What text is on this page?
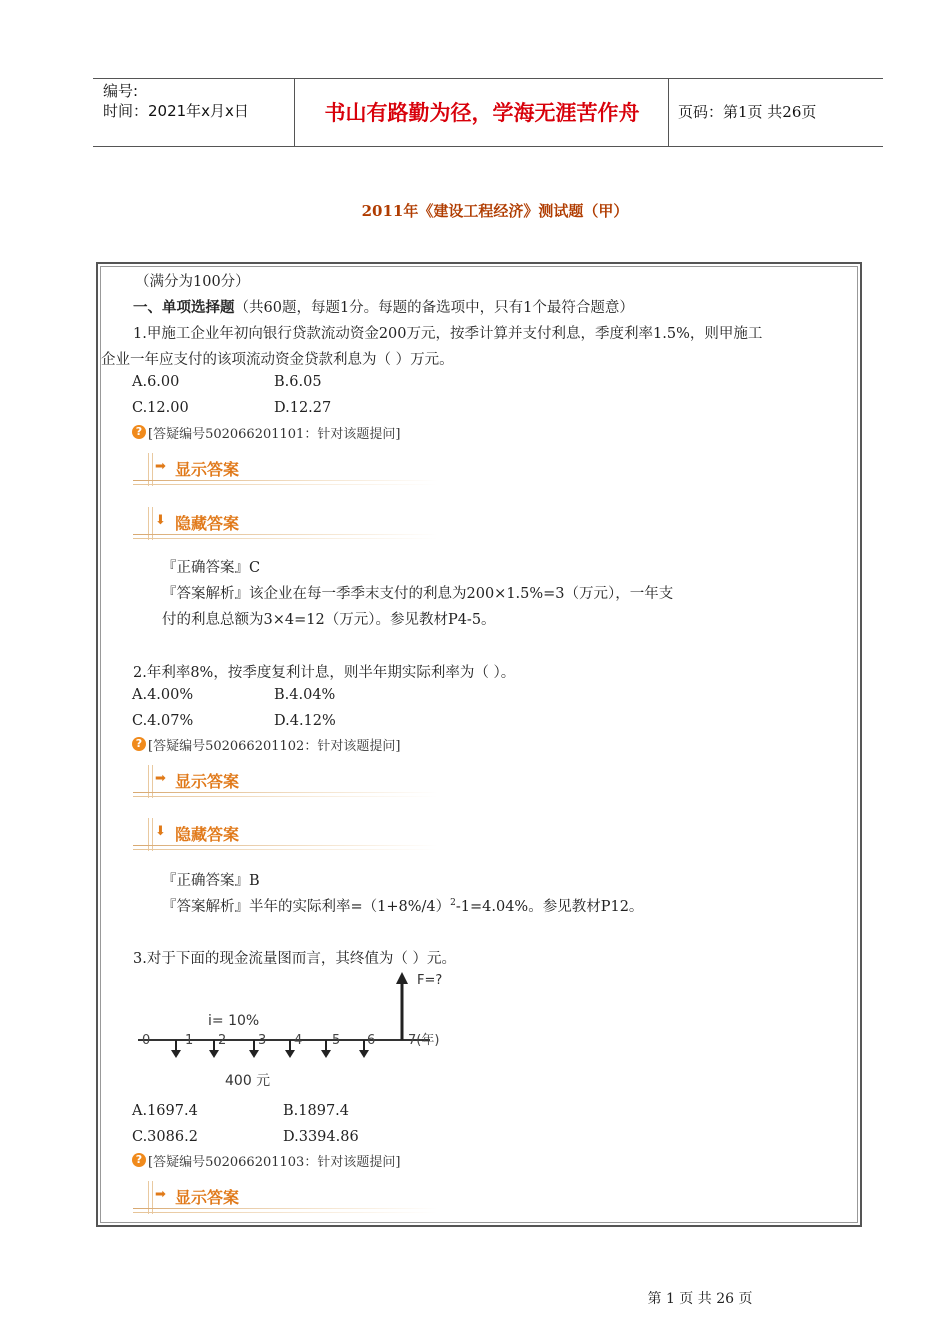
编号:
时间：2021年x月x日	书山有路勤为径，学海无涯苦作舟	页码：第1页 共26页
2011年《建设工程经济》测试题（甲）
（满分为100分）
一、单项选择题（共60题，每题1分。每题的备选项中，只有1个最符合题意）
1.甲施工企业年初向银行贷款流动资金200万元，按季计算并支付利息，季度利率1.5%，则甲施工
企业一年应支付的该项流动资金贷款利息为（ ）万元。
A.6.00	B.6.05
C.12.00	D.12.27
? [答疑编号502066201101：针对该题提问]
➡ 显示答案
⬇ 隐藏答案
『正确答案』C
『答案解析』该企业在每一季季末支付的利息为200×1.5%=3（万元），一年支
付的利息总额为3×4=12（万元）。参见教材P4-5。
2.年利率8%，按季度复利计息，则半年期实际利率为（ ）。
A.4.00%	B.4.04%
C.4.07%	D.4.12%
? [答疑编号502066201102：针对该题提问]
➡ 显示答案
⬇ 隐藏答案
『正确答案』B
『答案解析』半年的实际利率$=(1+8\%/4)^2-1=4.04\%$。参见教材P12。
3.对于下面的现金流量图而言，其终值为（ ）元。
F=?
i= 10%
0	1 2 3 4 5 6	7(年)
400 元
A.1697.4	B.1897.4
C.3086.2	D.3394.86
? [答疑编号502066201103：针对该题提问]
➡ 显示答案
第 1 页 共 26 页
